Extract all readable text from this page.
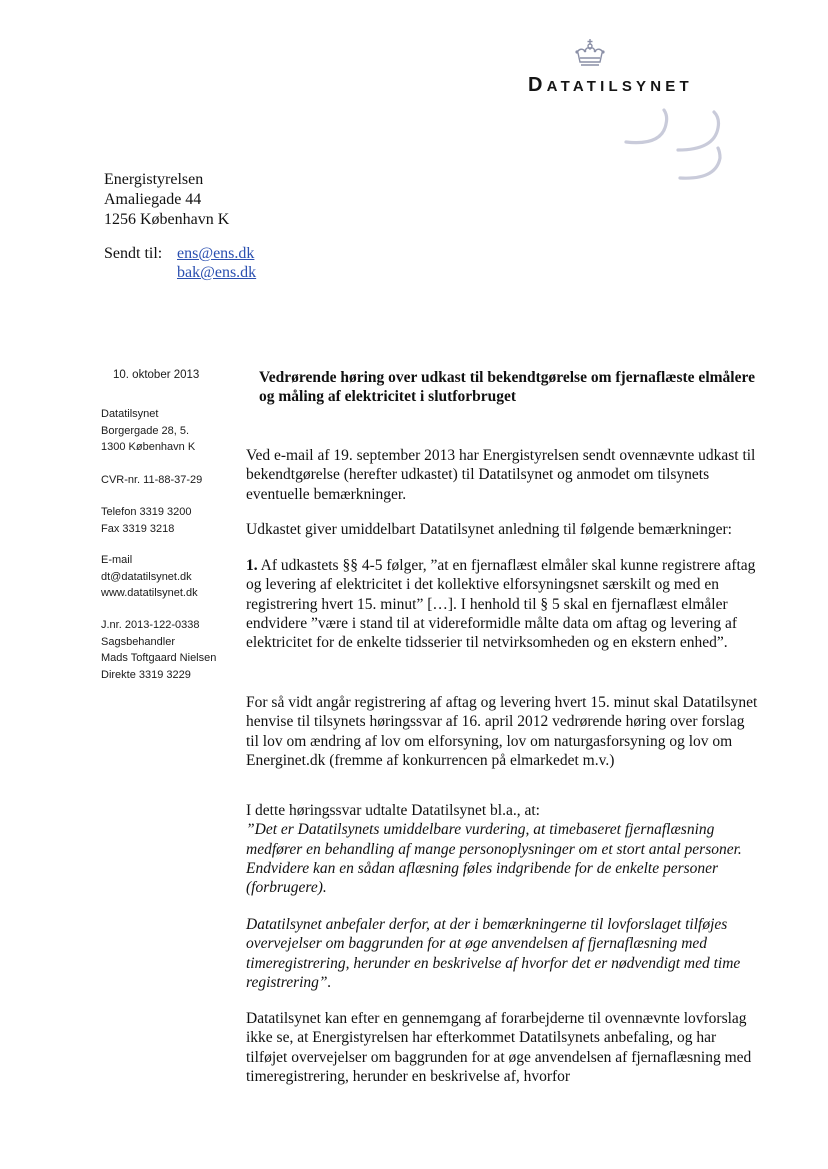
DATATILSYNET
Energistyrelsen
Amaliegade 44
1256 København K
Sendt til: ens@ens.dk
bak@ens.dk
10. oktober 2013
Datatilsynet
Borgergade 28, 5.
1300 København K
CVR-nr. 11-88-37-29
Telefon 3319 3200
Fax 3319 3218
E-mail
dt@datatilsynet.dk
www.datatilsynet.dk
J.nr. 2013-122-0338
Sagsbehandler
Mads Toftgaard Nielsen
Direkte 3319 3229
Vedrørende høring over udkast til bekendtgørelse om fjernaflæste elmålere og måling af elektricitet i slutforbruget

Ved e-mail af 19. september 2013 har Energistyrelsen sendt ovennævnte udkast til bekendtgørelse (herefter udkastet) til Datatilsynet og anmodet om tilsynets eventuelle bemærkninger.

Udkastet giver umiddelbart Datatilsynet anledning til følgende bemærkninger:

1. Af udkastets §§ 4-5 følger, ”at en fjernaflæst elmåler skal kunne registrere aftag og levering af elektricitet i det kollektive elforsyningsnet særskilt og med en registrering hvert 15. minut” […]. I henhold til § 5 skal en fjernaflæst elmåler endvidere ”være i stand til at videreformidle målte data om aftag og levering af elektricitet for de enkelte tidsserier til netvirksomheden og en ekstern enhed”.

For så vidt angår registrering af aftag og levering hvert 15. minut skal Datatilsynet henvise til tilsynets høringssvar af 16. april 2012 vedrørende høring over forslag til lov om ændring af lov om elforsyning, lov om naturgasforsyning og lov om Energinet.dk (fremme af konkurrencen på elmarkedet m.v.)

I dette høringssvar udtalte Datatilsynet bl.a., at:

”Det er Datatilsynets umiddelbare vurdering, at timebaseret fjernaflæsning medfører en behandling af mange personoplysninger om et stort antal personer. Endvidere kan en sådan aflæsning føles indgribende for de enkelte personer (forbrugere).

Datatilsynet anbefaler derfor, at der i bemærkningerne til lovforslaget tilføjes overvejelser om baggrunden for at øge anvendelsen af fjernaflæsning med timeregistrering, herunder en beskrivelse af hvorfor det er nødvendigt med time registrering”.

Datatilsynet kan efter en gennemgang af forarbejderne til ovennævnte lovforslag ikke se, at Energistyrelsen har efterkommet Datatilsynets anbefaling, og har tilføjet overvejelser om baggrunden for at øge anvendelsen af fjernaflæsning med timeregistrering, herunder en beskrivelse af, hvorfor
